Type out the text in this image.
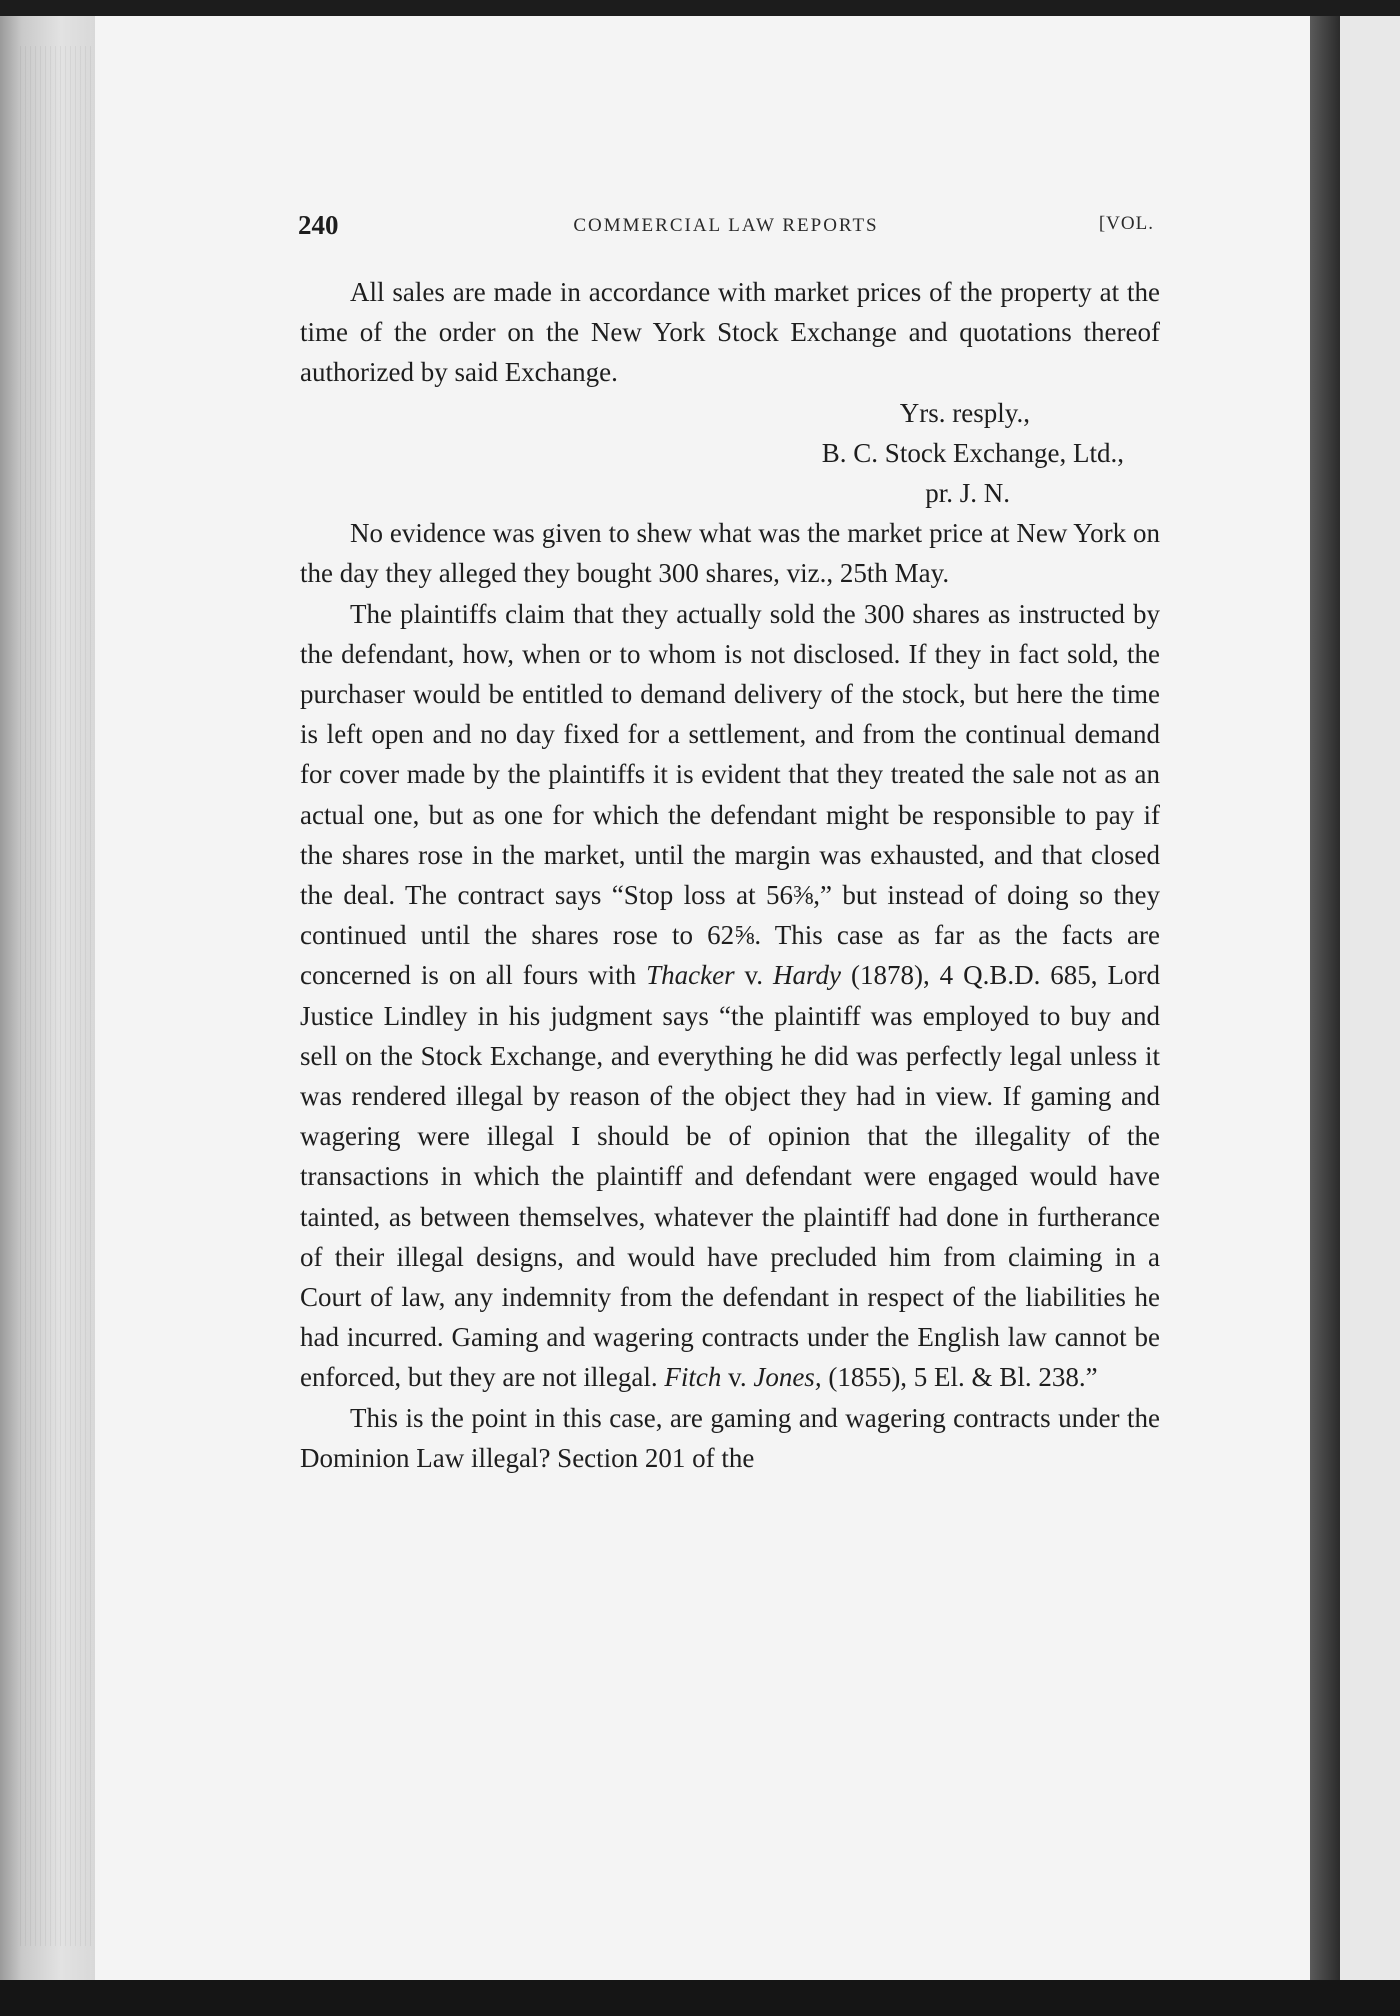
240	COMMERCIAL LAW REPORTS	[VOL.

All sales are made in accordance with market prices of the property at the time of the order on the New York Stock Exchange and quotations thereof authorized by said Exchange.

Yrs. resply.,

B. C. Stock Exchange, Ltd.,

pr. J. N.

No evidence was given to shew what was the market price at New York on the day they alleged they bought 300 shares, viz., 25th May.

The plaintiffs claim that they actually sold the 300 shares as instructed by the defendant, how, when or to whom is not disclosed. If they in fact sold, the purchaser would be entitled to demand delivery of the stock, but here the time is left open and no day fixed for a settlement, and from the continual demand for cover made by the plaintiffs it is evident that they treated the sale not as an actual one, but as one for which the defendant might be responsible to pay if the shares rose in the market, until the margin was exhausted, and that closed the deal. The contract says “Stop loss at 56⅜,” but instead of doing so they continued until the shares rose to 62⅝. This case as far as the facts are concerned is on all fours with Thacker v. Hardy (1878), 4 Q.B.D. 685, Lord Justice Lindley in his judgment says “the plaintiff was employed to buy and sell on the Stock Exchange, and everything he did was perfectly legal unless it was rendered illegal by reason of the object they had in view. If gaming and wagering were illegal I should be of opinion that the illegality of the transactions in which the plaintiff and defendant were engaged would have tainted, as between themselves, whatever the plaintiff had done in furtherance of their illegal designs, and would have precluded him from claiming in a Court of law, any indemnity from the defendant in respect of the liabilities he had incurred. Gaming and wagering contracts under the English law cannot be enforced, but they are not illegal. Fitch v. Jones, (1855), 5 El. & Bl. 238.”

This is the point in this case, are gaming and wagering contracts under the Dominion Law illegal? Section 201 of the
